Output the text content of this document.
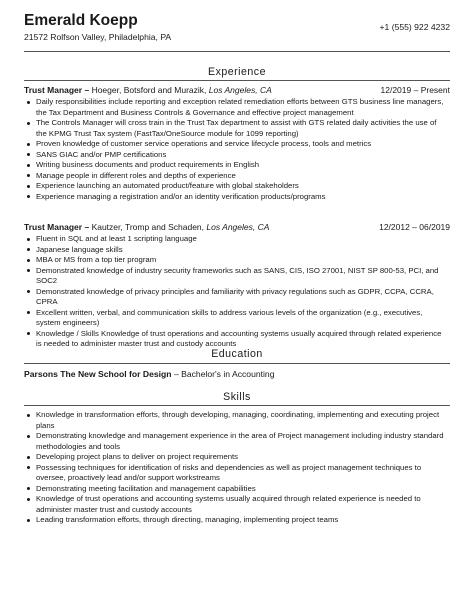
Emerald Koepp
21572 Rolfson Valley, Philadelphia, PA
+1 (555) 922 4232
Experience
Trust Manager – Hoeger, Botsford and Murazik, Los Angeles, CA	12/2019 – Present
Daily responsibilities include reporting and exception related remediation efforts between GTS business line managers, the Tax Department and Business Controls & Governance and effective project management
The Controls Manager will cross train in the Trust Tax department to assist with GTS related daily activities the use of the KPMG Trust Tax system (FastTax/OneSource module for 1099 reporting)
Proven knowledge of customer service operations and service lifecycle process, tools and metrics
SANS GIAC and/or PMP certifications
Writing business documents and product requirements in English
Manage people in different roles and depths of experience
Experience launching an automated product/feature with global stakeholders
Experience managing a registration and/or an identity verification products/programs
Trust Manager – Kautzer, Tromp and Schaden, Los Angeles, CA	12/2012 – 06/2019
Fluent in SQL and at least 1 scripting language
Japanese language skills
MBA or MS from a top tier program
Demonstrated knowledge of industry security frameworks such as SANS, CIS, ISO 27001, NIST SP 800-53, PCI, and SOC2
Demonstrated knowledge of privacy principles and familiarity with privacy regulations such as GDPR, CCPA, CCRA, CPRA
Excellent written, verbal, and communication skills to address various levels of the organization (e.g., executives, system engineers)
Knowledge / Skills Knowledge of trust operations and accounting systems usually acquired through related experience is needed to administer master trust and custody accounts
Education
Parsons The New School for Design – Bachelor's in Accounting
Skills
Knowledge in transformation efforts, through developing, managing, coordinating, implementing and executing project plans
Demonstrating knowledge and management experience in the area of Project management including industry standard methodologies and tools
Developing project plans to deliver on project requirements
Possessing techniques for identification of risks and dependencies as well as project management techniques to oversee, proactively lead and/or support workstreams
Demonstrating meeting facilitation and management capabilities
Knowledge of trust operations and accounting systems usually acquired through related experience is needed to administer master trust and custody accounts
Leading transformation efforts, through directing, managing, implementing project teams
